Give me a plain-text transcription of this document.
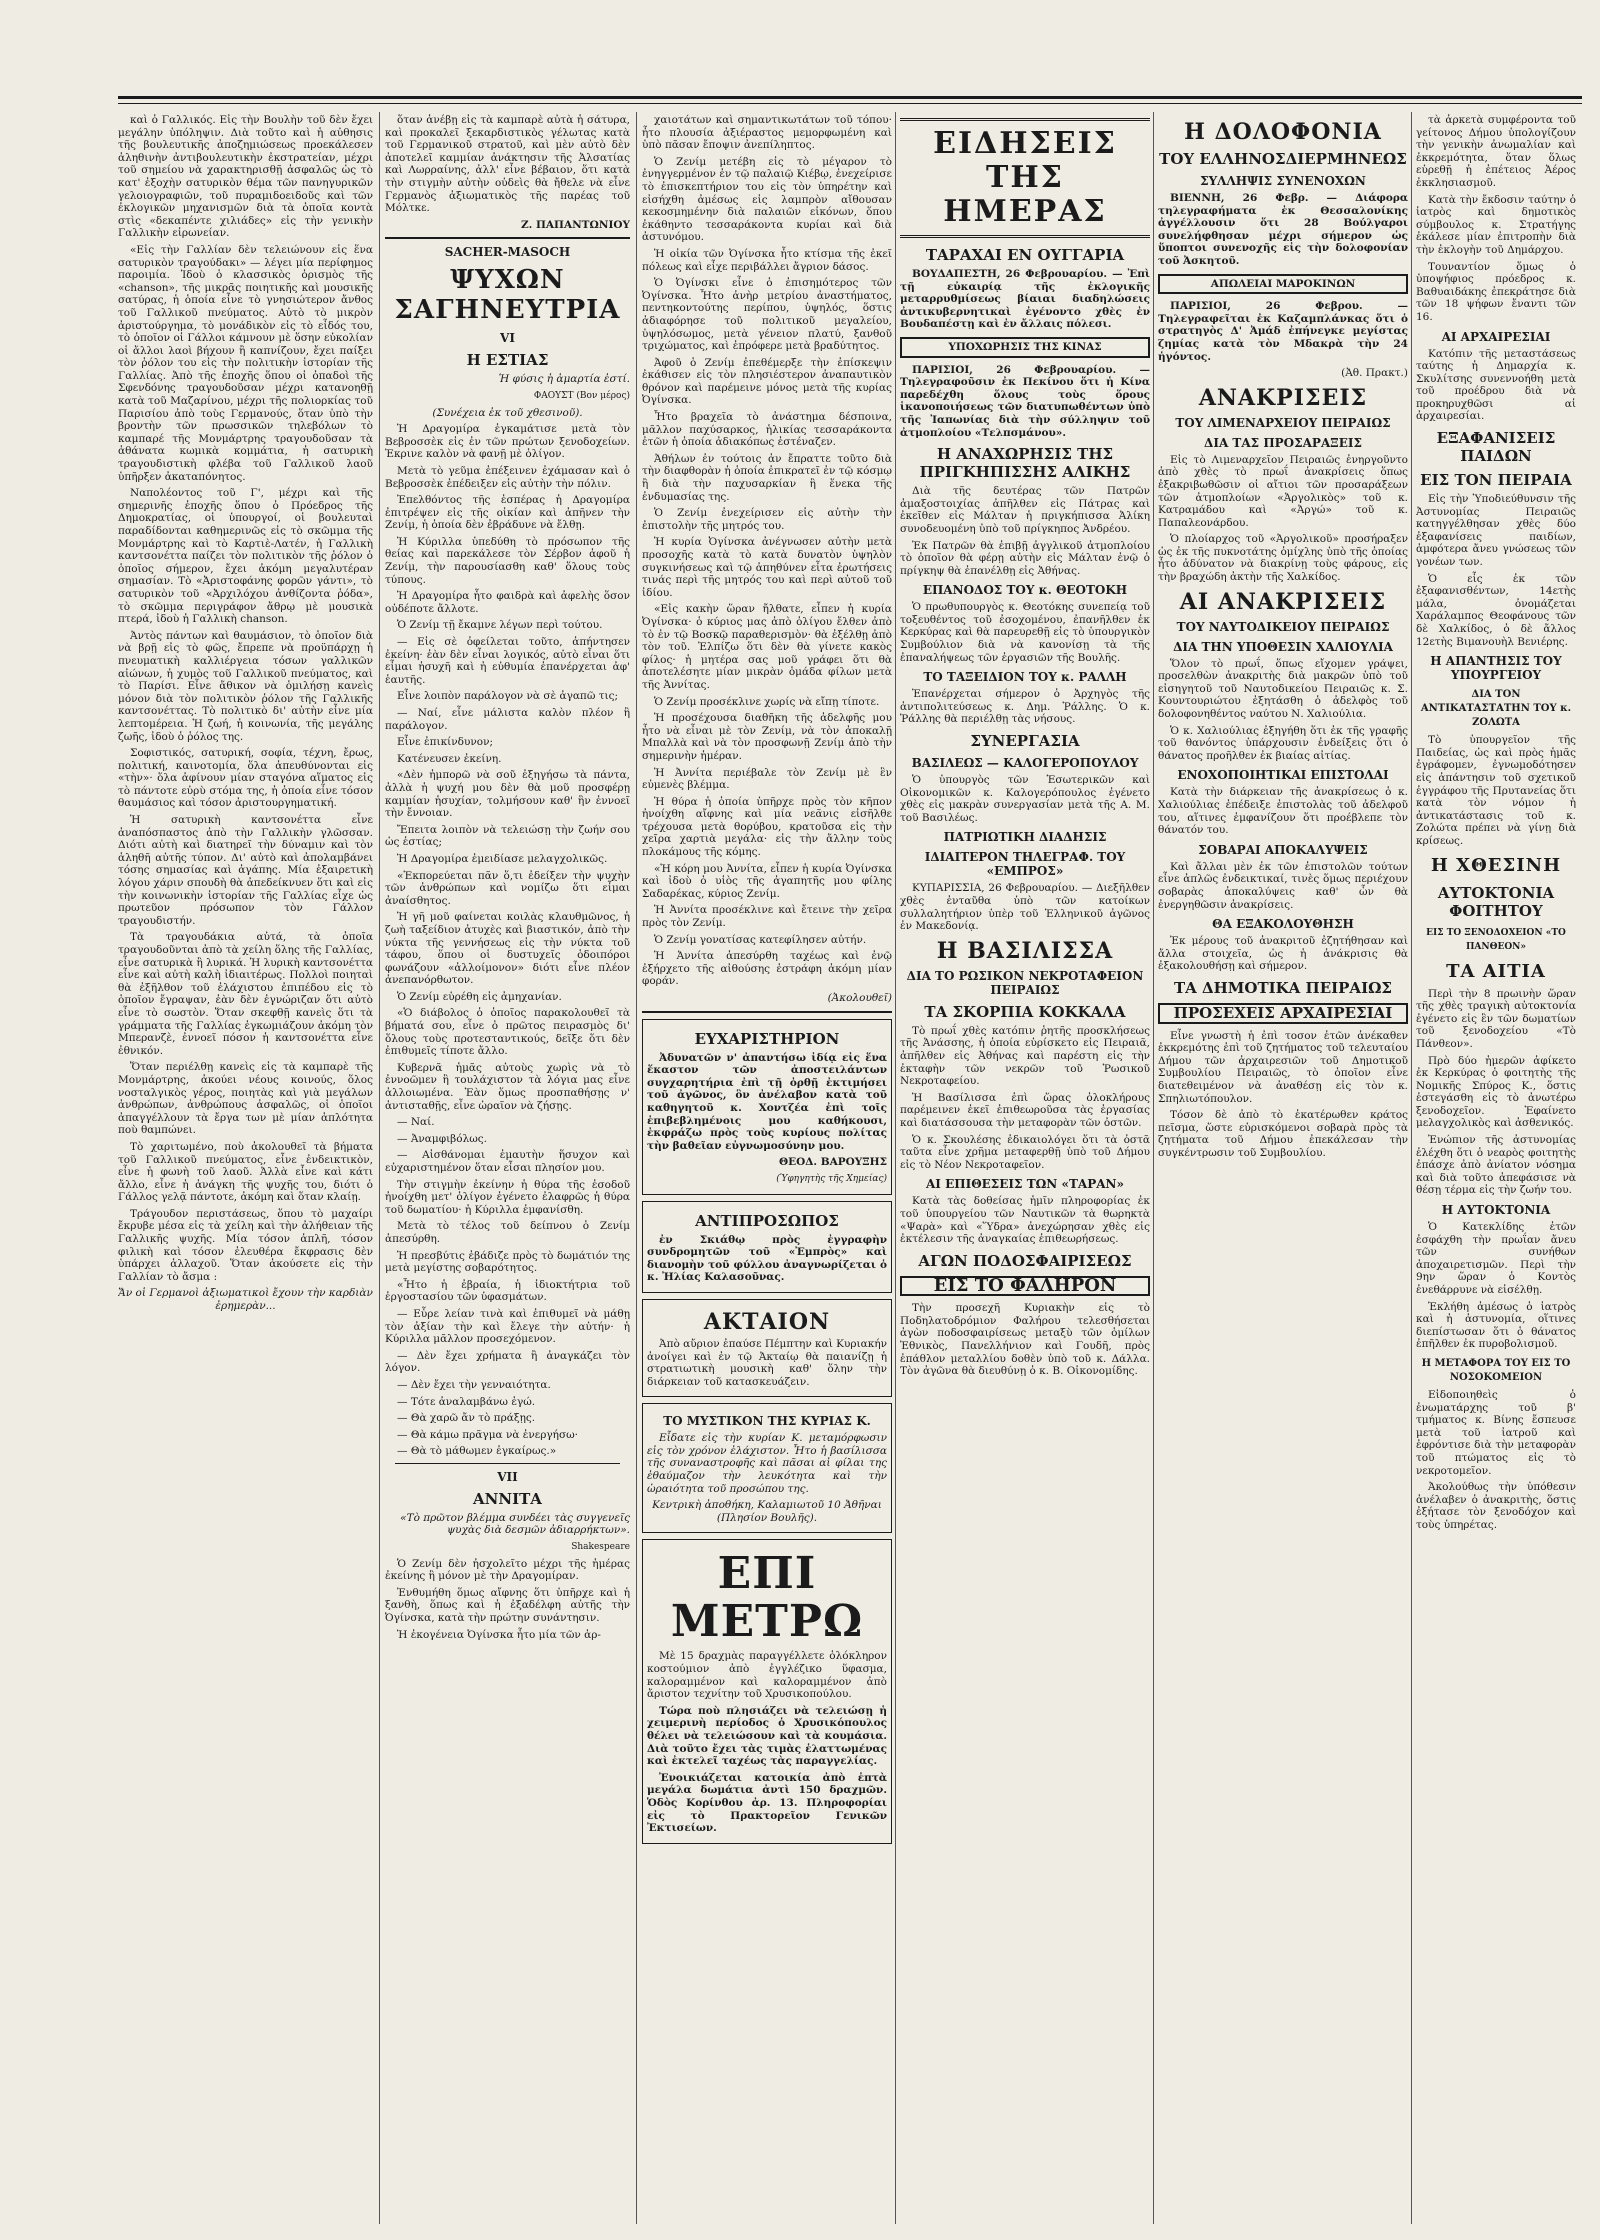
καὶ ὁ Γαλλικός. Εἰς τὴν Βουλὴν τοῦ δὲν ἔχει μεγάλην ὑπόληψιν. Διὰ τοῦτο καὶ ἡ αὐθησις τῆς βουλευτικῆς ἀποζημιώσεως προεκάλεσεν ἀληθινὴν ἀντιβουλευτικὴν ἐκστρατείαν, μέχρι τοῦ σημείου νὰ χαρακτηρισθῇ ἀσφαλῶς ὡς τὸ κατ' ἐξοχὴν σατυρικὸν θέμα τῶν πανηγυρικῶν γελοιογραφιῶν, τοῦ πυραμιδοειδοῦς καὶ τῶν ἐκλογικῶν μηχανισμῶν διὰ τὰ ὁποῖα κοντὰ στὶς «δεκαπέντε χιλιάδες» εἰς τὴν γενικὴν Γαλλικὴν εἰρωνείαν.

«Εἰς τὴν Γαλλίαν δὲν τελειώνουν εἰς ἕνα σατυρικὸν τραγούδακι» — λέγει μία περίφημος παροιμία. Ἰδοὺ ὁ κλασσικὸς ὁρισμὸς τῆς «chanson», τῆς μικρᾶς ποιητικῆς καὶ μουσικῆς σατύρας, ἡ ὁποία εἶνε τὸ γνησιώτερον ἄνθος τοῦ Γαλλικοῦ πνεύματος. Αὐτὸ τὸ μικρὸν ἀριστούργημα, τὸ μονάδικὸν εἰς τὸ εἶδός του, τὸ ὁποῖον οἱ Γάλλοι κάμνουν μὲ ὅσην εὐκολίαν οἱ ἄλλοι λαοὶ βήχουν ἢ καπνίζουν, ἔχει παίξει τὸν ῥόλον του εἰς τὴν πολιτικὴν ἱστορίαν τῆς Γαλλίας. Ἀπὸ τῆς ἐποχῆς ὅπου οἱ ὀπαδοὶ τῆς Σφενδόνης τραγουδοῦσαν μέχρι κατανοηθῇ κατὰ τοῦ Μαζαρίνου, μέχρι τῆς πολιορκίας τοῦ Παρισίου ἀπὸ τοὺς Γερμανούς, ὅταν ὑπὸ τὴν βροντὴν τῶν πρωσσικῶν τηλεβόλων τὸ καμπαρέ τῆς Μονμάρτρης τραγουδοῦσαν τὰ ἀθάνατα κωμικὰ κομμάτια, ἡ σατυρικὴ τραγουδιστικὴ φλέβα τοῦ Γαλλικοῦ λαοῦ ὑπῆρξεν ἀκαταπόνητος.

Ναπολέοντος τοῦ Γ', μέχρι καὶ τῆς σημερινῆς ἐποχῆς ὅπου ὁ Πρόεδρος τῆς Δημοκρατίας, οἱ ὑπουργοί, οἱ βουλευταὶ παραδίδονται καθημερινῶς εἰς τὸ σκῶμμα τῆς Μονμάρτρης καὶ τὸ Καρτιὲ-Λατέν, ἡ Γαλλικὴ καντσονέττα παίζει τὸν πολιτικὸν τῆς ῥόλον ὁ ὁποῖος σήμερον, ἔχει ἀκόμη μεγαλυτέραν σημασίαν. Τὸ «Ἀριστοφάνης φορῶν γάντι», τὸ σατυρικὸν τοῦ «Ἀρχιλόχου ἀνθίζοντα ῥόδα», τὸ σκῶμμα περιγράφον ἄθρῳ μὲ μουσικὰ πτερά, ἰδοὺ ἡ Γαλλικὴ chanson.

Ἀντὸς πάντων καὶ θαυμάσιον, τὸ ὁποῖον διὰ νὰ βρῇ εἰς τὸ φῶς, ἔπρεπε νὰ προϋπάρχῃ ἡ πνευματικὴ καλλιέργεια τόσων γαλλικῶν αἰώνων, ἡ χυμὸς τοῦ Γαλλικοῦ πνεύματος, καὶ τὸ Παρίσι. Εἶνε ἄθικον νὰ ὁμιλήσῃ κανεὶς μόνον διὰ τὸν πολιτικὸν ῥόλον τῆς Γαλλικῆς καντσονέττας. Τὸ πολιτικὸ δι' αὐτὴν εἶνε μία λεπτομέρεια. Ἡ ζωή, ἡ κοινωνία, τῆς μεγάλης ζωῆς, ἰδοὺ ὁ ῥόλος της.

Σοφιστικός, σατυρική, σοφία, τέχνη, ἔρως, πολιτική, καινοτομία, ὅλα ἀπευθύνονται εἰς «τὴν»· ὅλα ἀφίνουν μίαν σταγόνα αἵματος εἰς τὸ πάντοτε εὐρὺ στόμα της, ἡ ὁποία εἶνε τόσον θαυμάσιος καὶ τόσον ἀριστουργηματική.

Ἡ σατυρικὴ καντσονέττα εἶνε ἀναπόσπαστος ἀπὸ τὴν Γαλλικὴν γλῶσσαν. Διότι αὐτὴ καὶ διατηρεῖ τὴν δύναμιν καὶ τὸν ἀληθῆ αὐτῆς τύπον. Δι' αὐτὸ καὶ ἀπολαμβάνει τόσης σημασίας καὶ ἀγάπης. Μία ἐξαιρετικὴ λόγου χάριν σπουδὴ θὰ ἀπεδείκνυεν ὅτι καὶ εἰς τὴν κοινωνικὴν ἱστορίαν τῆς Γαλλίας εἶχε ὡς πρωτεῦον πρόσωπον τὸν Γάλλον τραγουδιστήν.

Τὰ τραγουδάκια αὐτά, τὰ ὁποῖα τραγουδοῦνται ἀπὸ τὰ χείλη ὅλης τῆς Γαλλίας, εἶνε σατυρικὰ ἢ λυρικά. Ἡ λυρικὴ καντσονέττα εἶνε καὶ αὐτὴ καλὴ ἰδιαιτέρως. Πολλοὶ ποιηταὶ θὰ ἐξῆλθον τοῦ ἐλάχιστου ἐπιπέδου εἰς τὸ ὁποῖον ἔγραψαν, ἐὰν δὲν ἐγνώριζαν ὅτι αὐτὸ εἶνε τὸ σωστὸν. Ὅταν σκεφθῇ κανεὶς ὅτι τὰ γράμματα τῆς Γαλλίας ἐγκωμιάζουν ἀκόμη τὸν Μπερανζὲ, ἐννοεῖ πόσον ἡ καντσονέττα εἶνε ἐθνικόν.

Ὅταν περιέλθῃ κανεὶς εἰς τὰ καμπαρὲ τῆς Μονμάρτρης, ἀκούει νέους κοινούς, ὅλος νοσταλγικὸς γέρος, ποιητὰς καὶ γιὰ μεγάλων ἀνθρώπων, ἀνθρώπους ἀσφαλῶς, οἱ ὁποῖοι ἀπαγγέλλουν τὰ ἔργα των μὲ μίαν ἁπλότητα ποὺ θαμπώνει.

Τὸ χαριτωμένο, ποὺ ἀκολουθεῖ τὰ βήματα τοῦ Γαλλικοῦ πνεύματος, εἶνε ἐνδεικτικὸν, εἶνε ἡ φωνὴ τοῦ λαοῦ. Ἀλλὰ εἶνε καὶ κάτι ἄλλο, εἶνε ἡ ἀνάγκη τῆς ψυχῆς του, διότι ὁ Γάλλος γελᾷ πάντοτε, ἀκόμη καὶ ὅταν κλαίῃ.

Τράγουδον περιστάσεως, ὅπου τὸ μαχαίρι ἔκρυβε μέσα εἰς τὰ χείλη καὶ τὴν ἀλήθειαν τῆς Γαλλικῆς ψυχῆς. Μία τόσον ἁπλῆ, τόσον φιλικὴ καὶ τόσον ἐλευθέρα ἔκφρασις δὲν ὑπάρχει ἀλλαχοῦ. Ὅταν ἀκούσετε εἰς τὴν Γαλλίαν τὸ ἄσμα :

Ἄν οἱ Γερμανοὶ ἀξιωματικοὶ ἔχουν τὴν καρδιὰν ἐρημερὰν...

ὅταν ἀνέβῃ εἰς τὰ καμπαρὲ αὐτὰ ἡ σάτυρα, καὶ προκαλεῖ ξεκαρδιστικὸς γέλωτας κατὰ τοῦ Γερμανικοῦ στρατοῦ, καὶ μὲν αὐτὸ δὲν ἀποτελεῖ καμμίαν ἀνάκτησιν τῆς Ἀλσατίας καὶ Λωρραίνης, ἀλλ' εἶνε βέβαιον, ὅτι κατὰ τὴν στιγμὴν αὐτὴν οὐδεὶς θὰ ἤθελε νὰ εἶνε Γερμανὸς ἀξιωματικὸς τῆς παρέας τοῦ Μόλτκε.

Ζ. ΠΑΠΑΝΤΩΝΙΟΥ

SACHER-MASOCH
ΨΥΧΩΝ ΣΑΓΗΝΕΥΤΡΙΑ
VI
Η ΕΣΤΙΑΣ

Ἡ φύσις ἡ ἁμαρτία ἐστί.

ΦΑΟΥΣΤ (Βον μέρος)

(Συνέχεια ἐκ τοῦ χθεσινοῦ).

Ἡ Δραγομίρα ἐγκαμάτισε μετὰ τὸν Βεβροσσὲκ εἰς ἐν τῶν πρώτων ξενοδοχείων. Ἐκρινε καλὸν νὰ φανῇ μὲ ὀλίγον.

Μετὰ τὸ γεῦμα ἐπέξεινεν ἐχάμασαν καὶ ὁ Βεβροσσὲκ ἐπέδειξεν εἰς αὐτὴν τὴν πόλιν.

Ἐπελθόντος τῆς ἑσπέρας ἡ Δραγομίρα ἐπιτρέψεν εἰς τῆς οἰκίαν καὶ ἀπῆνεν τὴν Ζενίμ, ἡ ὁποία δὲν ἐβράδυνε νὰ ἔλθῃ.

Ἡ Κύριλλα ὑπεδύθη τὸ πρόσωπον τῆς θείας καὶ παρεκάλεσε τὸν Σέρβον ἀφοῦ ἡ Ζενίμ, τὴν παρουσίασθη καθ' ὅλους τοὺς τύπους.

Ἡ Δραγομίρα ἧτο φαιδρὰ καὶ ἀφελὴς ὅσον οὐδέποτε ἄλλοτε.

Ὁ Ζενίμ τῇ ἔκαμνε λέγων περὶ τούτου.

— Εἰς σὲ ὀφείλεται τοῦτο, ἀπήντησεν ἐκείνη· ἐὰν δὲν εἶναι λογικός, αὐτὸ εἶναι ὅτι εἶμαι ἡσυχῆ καὶ ἡ εὐθυμία ἐπανέρχεται ἀφ' ἑαυτῆς.

Εἶνε λοιπὸν παράλογον νὰ σὲ ἀγαπῶ τις;

— Ναί, εἶνε μάλιστα καλὸν πλέον ἢ παράλογον.

Εἶνε ἐπικίνδυνον;

Κατένευσεν ἐκείνη.

«Δὲν ἠμπορῶ νὰ σοῦ ἐξηγήσω τὰ πάντα, ἀλλὰ ἡ ψυχή μου δὲν θὰ μοῦ προσφέρῃ καμμίαν ἡσυχίαν, τολμήσουν καθ' ἣν ἐννοεῖ τὴν ἔννοιαν.

Ἔπειτα λοιπὸν νὰ τελειώσῃ τὴν ζωήν σου ὡς ἐστίας;

Ἡ Δραγομίρα ἐμειδίασε μελαγχολικῶς.

«Ἐκπορεύεται πᾶν ὅ,τι ἐδείξεν τὴν ψυχὴν τῶν ἀνθρώπων καὶ νομίζω ὅτι εἶμαι ἀναίσθητος.

Ἡ γῆ μοῦ φαίνεται κοιλὰς κλαυθμῶνος, ἡ ζωὴ ταξείδιον ἀτυχὲς καὶ βιαστικόν, ἀπὸ τὴν νύκτα τῆς γεννήσεως εἰς τὴν νύκτα τοῦ τάφου, ὅπου οἱ δυστυχεῖς ὁδοιπόροι φωνάζουν «ἀλλοίμονον» διότι εἶνε πλέον ἀνεπανόρθωτον.

Ὁ Ζενίμ εὑρέθη εἰς ἀμηχανίαν.

«Ὁ διάβολος ὁ ὁποῖος παρακολουθεῖ τὰ βήματά σου, εἶνε ὁ πρῶτος πειρασμὸς δι' ὅλους τοὺς προτεσταντικούς, δεῖξε ὅτι δὲν ἐπιθυμεῖς τίποτε ἄλλο.

Κυβερνᾶ ἡμᾶς αὐτοὺς χωρὶς νὰ τὸ ἐννοῶμεν ἢ τουλάχιστον τὰ λόγια μας εἶνε ἀλλοιωμένα. Ἐὰν ὅμως προσπαθήσῃς ν' ἀντισταθῇς, εἶνε ὠραῖον νὰ ζήσῃς.

— Ναί.

— Ἀναμφιβόλως.

— Αἰσθάνομαι ἐμαυτὴν ἥσυχον καὶ εὐχαριστημένον ὅταν εἶσαι πλησίον μου.

Τὴν στιγμὴν ἐκείνην ἡ θύρα τῆς ἐσοδοῦ ἠνοίχθη μετ' ὀλίγον ἐγένετο ἐλαφρῶς ἡ θύρα τοῦ δωματίου· ἡ Κύριλλα ἐμφανίσθη.

Μετὰ τὸ τέλος τοῦ δείπνου ὁ Ζενίμ ἀπεσύρθη.

Ἡ πρεσβύτις ἐβάδιζε πρὸς τὸ δωμάτιόν της μετὰ μεγίστης σοβαρότητος.

«Ἦτο ἡ ἐβραία, ἡ ἰδιοκτήτρια τοῦ ἐργοστασίου τῶν ὑφασμάτων.

— Εὗρε λείαν τινὰ καὶ ἐπιθυμεῖ νὰ μάθῃ τὸν ἀξίαν τὴν καὶ ἔλεγε τὴν αὐτήν· ἡ Κύριλλα μᾶλλον προσεχόμενον.

— Δὲν ἔχει χρήματα ἢ ἀναγκάζει τὸν λόγον.

— Δὲν ἔχει τὴν γενναιότητα.

— Τότε ἀναλαμβάνω ἐγώ.

— Θὰ χαρῶ ἄν τὸ πράξῃς.

— Θὰ κάμω πρᾶγμα νὰ ἐνεργήσω·

— Θὰ τὸ μάθωμεν ἐγκαίρως.»

VII
ΑΝΝΙΤΑ

«Τὸ πρῶτον βλέμμα συνδέει τὰς συγγενεῖς ψυχὰς διὰ δεσμῶν ἀδιαρρήκτων».

Shakespeare

Ὁ Ζενίμ δὲν ἠσχολεῖτο μέχρι τῆς ἡμέρας ἐκείνης ἢ μόνον μὲ τὴν Δραγομίραν.

Ἐνθυμήθη ὅμως αἴφνης ὅτι ὑπῆρχε καὶ ἡ ξανθὴ, ὅπως καὶ ἡ ἐξαδέλφη αὐτῆς τὴν Ὀγίνσκα, κατὰ τὴν πρώτην συνάντησιν.

Ἡ ἐκογένεια Ὀγίνσκα ἧτο μία τῶν ἀρ-

χαιοτάτων καὶ σημαντικωτάτων τοῦ τόπου· ἦτο πλουσία ἀξιέραστος μεμορφωμένη καὶ ὑπὸ πᾶσαν ἔποψιν ἀνεπίληπτος.

Ὁ Ζενίμ μετέβη εἰς τὸ μέγαρον τὸ ἐνηγγερμένον ἐν τῷ παλαιῷ Κιέβῳ, ἐνεχείρισε τὸ ἐπισκεπτήριον του εἰς τὸν ὑπηρέτην καὶ εἰσήχθη ἀμέσως εἰς λαμπρὸν αἴθουσαν κεκοσμημένην διὰ παλαιῶν εἰκόνων, ὅπου ἐκάθηντο τεσσαράκοντα κυρίαι καὶ διὰ ἀστυνόμου.

Ἡ οἰκία τῶν Ὀγίνσκα ἦτο κτίσμα τῆς ἐκεῖ πόλεως καὶ εἶχε περιβάλλει ἄγριον δάσος.

Ὁ Ὀγίνσκι εἶνε ὁ ἐπισημότερος τῶν Ὀγίνσκα. Ἦτο ἀνὴρ μετρίου ἀναστήματος, πεντηκοντούτης περίπου, ὑψηλός, ὅστις ἀδιαφόρησε τοῦ πολιτικοῦ μεγαλείου, ὑψηλόσωμος, μετὰ γένειον πλατύ, ξανθοῦ τριχώματος, καὶ ἐπρόφερε μετὰ βραδύτητος.

Ἀφοῦ ὁ Ζενίμ ἐπεθέμερξε τὴν ἐπίσκεψιν ἐκάθισεν εἰς τὸν πλησιέστερον ἀναπαυτικὸν θρόνον καὶ παρέμεινε μόνος μετὰ τῆς κυρίας Ὀγίνσκα.

Ἦτο βραχεῖα τὸ ἀνάστημα δέσποινα, μᾶλλον παχύσαρκος, ἡλικίας τεσσαράκοντα ἐτῶν ἡ ὁποία ἀδιακόπως ἐστέναζεν.

Ἀθήλων ἐν τούτοις ἀν ἔπραττε τοῦτο διὰ τὴν διαφθορὰν ἡ ὁποία ἐπικρατεῖ ἐν τῷ κόσμῳ ἢ διὰ τὴν παχυσαρκίαν ἢ ἕνεκα τῆς ἐνδυμασίας της.

Ὁ Ζενίμ ἐνεχείρισεν εἰς αὐτὴν τὴν ἐπιστολὴν τῆς μητρός του.

Ἡ κυρία Ὀγίνσκα ἀνέγνωσεν αὐτὴν μετὰ προσοχῆς κατὰ τὸ κατὰ δυνατὸν ὑψηλὸν συγκινήσεως καὶ τῷ ἀπηθύνεν εἶτα ἐρωτήσεις τινάς περὶ τῆς μητρός του καὶ περὶ αὐτοῦ τοῦ ἰδίου.

«Εἰς κακὴν ὥραν ἤλθατε, εἶπεν ἡ κυρία Ὀγίνσκα· ὁ κύριος μας ἀπὸ ὀλίγου ἔλθεν ἀπὸ τὸ ἐν τῷ Βοσκῷ παραθερισμὸν· θὰ ἐξέλθῃ ἀπὸ τὸν τοῦ. Ἐλπίζω ὅτι δὲν θὰ γίνετε κακὸς φίλος· ἡ μητέρα σας μοῦ γράφει ὅτι θὰ ἀποτελέσητε μίαν μικρὰν ὁμάδα φίλων μετὰ τῆς Ἀννίτας.

Ὁ Ζενίμ προσέκλινε χωρίς νὰ εἴπῃ τίποτε.

Ἡ προσέχουσα διαθῆκη τῆς ἀδελφῆς μου ἦτο νὰ εἶναι μὲ τὸν Ζενίμ, νὰ τὸν ἀποκαλῇ Μπαλλὰ καὶ νὰ τὸν προσφωνῇ Ζενίμ ἀπὸ τὴν σημερινὴν ἡμέραν.

Ἡ Ἀννίτα περιέβαλε τὸν Ζενίμ μὲ ἓν εὐμενὲς βλέμμα.

Ἡ θύρα ἡ ὁποία ὑπῆρχε πρὸς τὸν κῆπον ἠνοίχθη αἴφνης καὶ μία νεᾶνις εἰσῆλθε τρέχουσα μετὰ θορύβου, κρατοῦσα εἰς τὴν χεῖρα χαρτιὰ μεγάλα· εἰς τὴν ἄλλην τοὺς πλοκάμους τῆς κόμης.

«Ἡ κόρη μου Ἀννίτα, εἶπεν ἡ κυρία Ὀγίνσκα καὶ ἰδοὺ ὁ υἱὸς τῆς ἀγαπητῆς μου φίλης Σαδαρέκας, κύριος Ζενίμ.

Ἡ Ἀννίτα προσέκλινε καὶ ἔτεινε τὴν χεῖρα πρὸς τὸν Ζενίμ.

Ὁ Ζενίμ γονατίσας κατεφίλησεν αὐτήν.

Ἡ Ἀννίτα ἀπεσύρθη ταχέως καὶ ἐνῷ ἐξήρχετο τῆς αἰθούσης ἐστράφη ἀκόμη μίαν φοράν.

(Ἀκολουθεῖ)

ΕΥΧΑΡΙΣΤΗΡΙΟΝ

Ἀδυνατῶν ν' ἀπαντήσω ἰδίᾳ εἰς ἕνα ἕκαστον τῶν ἀποστειλάντων συγχαρητήρια ἐπὶ τῇ ὀρθῇ ἐκτιμήσει τοῦ ἀγῶνος, ὃν ἀνέλαβον κατὰ τοῦ καθηγητοῦ κ. Χοντζέα ἐπὶ τοῖς ἐπιβεβλημένοις μου καθήκουσι, ἐκφράζω πρὸς τοὺς κυρίους πολίτας τὴν βαθεῖαν εὐγνωμοσύνην μου.

ΘΕΟΔ. ΒΑΡΟΥΞΗΣ

(Ὑφηγητὴς τῆς Χημείας)

ΑΝΤΙΠΡΟΣΩΠΟΣ

ἐν Σκιάθῳ πρὸς ἐγγραφὴν συνδρομητῶν τοῦ «Ἐμπρὸς» καὶ διανομὴν τοῦ φύλλου ἀναγνωρίζεται ὁ κ. Ἠλίας Καλασοῦνας.

ΑΚΤΑΙΟΝ

Ἀπὸ αὔριον ἐπαύσε Πέμπτην καὶ Κυριακήν ἀνοίγει καὶ ἐν τῷ Ἀκταίῳ θὰ παιανίζῃ ἡ στρατιωτικὴ μουσικὴ καθ' ὅλην τὴν διάρκειαν τοῦ κατασκευάζειν.

ΤΟ ΜΥΣΤΙΚΟΝ ΤΗΣ ΚΥΡΙΑΣ Κ.

Εἶδατε εἰς τὴν κυρίαν Κ. μεταμόρφωσιν εἰς τὸν χρόνον ἐλάχιστον. Ἦτο ἡ βασίλισσα τῆς συναναστροφῆς καὶ πᾶσαι αἱ φίλαι της ἐθαύμαζον τὴν λευκότητα καὶ τὴν ὡραιότητα τοῦ προσώπου της.

Κεντρικὴ ἀποθήκη, Καλαμιωτοῦ 10 Ἀθῆναι (Πλησίον Βουλῆς).

ΕΠΙ ΜΕΤΡΩ

Μὲ 15 δραχμὰς παραγγέλλετε ὁλόκληρον κοστούμιον ἀπὸ ἐγγλέζικο ὕφασμα, καλοραμμένον καὶ καλοραμμένον ἀπὸ ἄριστον τεχνίτην τοῦ Χρυσικοπούλου.

Τώρα ποὺ πλησιάζει νὰ τελειώσῃ ἡ χειμερινὴ περίοδος ὁ Χρυσικόπουλος θέλει νὰ τελειώσουν καὶ τὰ κουμάσια. Διὰ τοῦτο ἔχει τὰς τιμὰς ἑλαττωμένας καὶ ἐκτελεῖ ταχέως τὰς παραγγελίας.

Ἐνοικιάζεται κατοικία ἀπὸ ἐπτὰ μεγάλα δωμάτια ἀντὶ 150 δραχμῶν. Ὁδὸς Κορίνθου ἀρ. 13. Πληροφορίαι εἰς τὸ Πρακτορεῖον Γενικῶν Ἐκτισείων.

ΕΙΔΗΣΕΙΣ ΤΗΣ ΗΜΕΡΑΣ
ΤΑΡΑΧΑΙ ΕΝ ΟΥΓΓΑΡΙΑ

ΒΟΥΔΑΠΕΣΤΗ, 26 Φεβρουαρίου. — Ἐπὶ τῇ εὐκαιρίᾳ τῆς ἐκλογικῆς μεταρρυθμίσεως βίαιαι διαδηλώσεις ἀντικυβερνητικαὶ ἐγένοντο χθὲς ἐν Βουδαπέστῃ καὶ ἐν ἄλλαις πόλεσι.

ΥΠΟΧΩΡΗΣΙΣ ΤΗΣ ΚΙΝΑΣ

ΠΑΡΙΣΙΟΙ, 26 Φεβρουαρίου. — Τηλεγραφοῦσιν ἐκ Πεκίνου ὅτι ἡ Κίνα παρεδέχθη ὅλους τοὺς ὅρους ἱκανοποιήσεως τῶν διατυπωθέντων ὑπὸ τῆς Ἰαπωνίας διὰ τὴν σύλληψιν τοῦ ἀτμοπλοίου «Τελπσμάνου».

Η ΑΝΑΧΩΡΗΣΙΣ ΤΗΣ ΠΡΙΓΚΗΠΙΣΣΗΣ ΑΛΙΚΗΣ

Διὰ τῆς δευτέρας τῶν Πατρῶν ἀμαξοστοιχίας ἀπῆλθεν εἰς Πάτρας καὶ ἐκεῖθεν εἰς Μάλταν ἡ πριγκήπισσα Ἀλίκη συνοδευομένη ὑπὸ τοῦ πρίγκηπος Ἀνδρέου.

Ἐκ Πατρῶν θὰ ἐπιβῇ ἀγγλικοῦ ἀτμοπλοίου τὸ ὁποῖον θὰ φέρῃ αὐτὴν εἰς Μάλταν ἐνῷ ὁ πρίγκηψ θὰ ἐπανέλθῃ εἰς Ἀθήνας.

ΕΠΑΝΟΔΟΣ ΤΟΥ κ. ΘΕΟΤΟΚΗ

Ὁ πρωθυπουργὸς κ. Θεοτόκης συνεπείᾳ τοῦ τοξευθέντος τοῦ ἐσοχομένου, ἐπανῆλθεν ἐκ Κερκύρας καὶ θὰ παρευρεθῇ εἰς τὸ ὑπουργικὸν Συμβούλιον διὰ νὰ κανονίσῃ τὰ τῆς ἐπαναλήψεως τῶν ἐργασιῶν τῆς Βουλῆς.

ΤΟ ΤΑΞΕΙΔΙΟΝ ΤΟΥ κ. ΡΑΛΛΗ

Ἐπανέρχεται σήμερον ὁ Ἀρχηγὸς τῆς ἀντιπολιτεύσεως κ. Δημ. Ῥάλλης. Ὁ κ. Ῥάλλης θὰ περιέλθῃ τὰς νήσους.

ΣΥΝΕΡΓΑΣΙΑ
ΒΑΣΙΛΕΩΣ — ΚΑΛΟΓΕΡΟΠΟΥΛΟΥ

Ὁ ὑπουργὸς τῶν Ἐσωτερικῶν καὶ Οἰκονομικῶν κ. Καλογερόπουλος ἐγένετο χθὲς εἰς μακρὰν συνεργασίαν μετὰ τῆς Α. Μ. τοῦ Βασιλέως.

ΠΑΤΡΙΩΤΙΚΗ ΔΙΑΔΗΣΙΣ
ΙΔΙΑΙΤΕΡΟΝ ΤΗΛΕΓΡΑΦ. ΤΟΥ «ΕΜΠΡΟΣ»

ΚΥΠΑΡΙΣΣΙΑ, 26 Φεβρουαρίου. — Διεξῆλθεν χθὲς ἐνταῦθα ὑπὸ τῶν κατοίκων συλλαλητήριον ὑπὲρ τοῦ Ἑλληνικοῦ ἀγῶνος ἐν Μακεδονίᾳ.

Η ΒΑΣΙΛΙΣΣΑ
ΔΙΑ ΤΟ ΡΩΣΙΚΟΝ ΝΕΚΡΟΤΑΦΕΙΟΝ ΠΕΙΡΑΙΩΣ
ΤΑ ΣΚΟΡΠΙΑ ΚΟΚΚΑΛΑ

Τὸ πρωΐ χθὲς κατόπιν ῥητῆς προσκλήσεως τῆς Ἀνάσσης, ἡ ὁποία εὑρίσκετο εἰς Πειραιᾶ, ἀπῆλθεν εἰς Ἀθήνας καὶ παρέστη εἰς τὴν ἐκταφὴν τῶν νεκρῶν τοῦ Ῥωσικοῦ Νεκροταφείου.

Ἡ Βασίλισσα ἐπὶ ὥρας ὁλοκλήρους παρέμεινεν ἐκεῖ ἐπιθεωροῦσα τὰς ἐργασίας καὶ διατάσσουσα τὴν μεταφορὰν τῶν ὀστῶν.

Ὁ κ. Σκουλέσης ἐδικαιολόγει ὅτι τὰ ὀστᾶ ταῦτα εἶνε χρῆμα μεταφερθῇ ὑπὸ τοῦ Δήμου εἰς τὸ Νέον Νεκροταφεῖον.

ΑΙ ΕΠΙΘΕΣΕΙΣ ΤΩΝ «ΤΑΡΑΝ»

Κατὰ τὰς δοθείσας ἡμῖν πληροφορίας ἐκ τοῦ ὑπουργείου τῶν Ναυτικῶν τὰ θωρηκτὰ «Ψαρὰ» καὶ «Ὕδρα» ἀνεχώρησαν χθὲς εἰς ἐκτέλεσιν τῆς ἀναγκαίας ἐπιθεωρήσεως.

ΑΓΩΝ ΠΟΔΟΣΦΑΙΡΙΣΕΩΣ
ΕΙΣ ΤΟ ΦΑΛΗΡΟΝ

Τὴν προσεχῆ Κυριακὴν εἰς τὸ Ποδηλατοδρόμιον Φαλήρου τελεσθήσεται ἀγὼν ποδοσφαιρίσεως μεταξὺ τῶν ὁμίλων Ἐθνικὸς, Πανελλήνιον καὶ Γουδῆ, πρὸς ἐπάθλον μεταλλίου δοθὲν ὑπὸ τοῦ κ. Δάλλα. Τὸν ἀγῶνα θὰ διευθύνῃ ὁ κ. Β. Οἰκονομίδης.

Η ΔΟΛΟΦΟΝΙΑ
ΤΟΥ ΕΛΛΗΝΟΣΔΙΕΡΜΗΝΕΩΣ
ΣΥΛΛΗΨΙΣ ΣΥΝΕΝΟΧΩΝ

ΒΙΕΝΝΗ, 26 Φεβρ. — Διάφορα τηλεγραφήματα ἐκ Θεσσαλονίκης ἀγγέλλουσιν ὅτι 28 Βούλγαροι συνελήφθησαν μέχρι σήμερον ὡς ὕποπτοι συνενοχῆς εἰς τὴν δολοφονίαν τοῦ Ἀσκητοῦ.

ΑΠΩΛΕΙΑΙ ΜΑΡΟΚΙΝΩΝ

ΠΑΡΙΣΙΟΙ, 26 Φεβρου. — Τηλεγραφεῖται ἐκ Καζαμπλάνκας ὅτι ὁ στρατηγὸς Δ' Ἀμάδ ἐπήνεγκε μεγίστας ζημίας κατὰ τὸν Μδακρὰ τὴν 24 ἡγόντος.

(Ἀθ. Πρακτ.)

ΑΝΑΚΡΙΣΕΙΣ
ΤΟΥ ΛΙΜΕΝΑΡΧΕΙΟΥ ΠΕΙΡΑΙΩΣ
ΔΙΑ ΤΑΣ ΠΡΟΣΑΡΑΞΕΙΣ

Εἰς τὸ Λιμεναρχεῖον Πειραιῶς ἐνηργοῦντο ἀπὸ χθὲς τὸ πρωΐ ἀνακρίσεις ὅπως ἐξακριβωθῶσιν οἱ αἴτιοι τῶν προσαράξεων τῶν ἀτμοπλοίων «Ἀργολικὸς» τοῦ κ. Κατραμάδου καὶ «Ἀργώ» τοῦ κ. Παπαλεονάρδου.

Ὁ πλοίαρχος τοῦ «Ἀργολικοῦ» προσήραξεν ὡς ἐκ τῆς πυκνοτάτης ὁμίχλης ὑπὸ τῆς ὁποίας ἦτο ἀδύνατον νὰ διακρίνῃ τοὺς φάρους, εἰς τὴν βραχώδη ἀκτὴν τῆς Χαλκίδος.

ΑΙ ΑΝΑΚΡΙΣΕΙΣ
ΤΟΥ ΝΑΥΤΟΔΙΚΕΙΟΥ ΠΕΙΡΑΙΩΣ
ΔΙΑ ΤΗΝ ΥΠΟΘΕΣΙΝ ΧΑΛΙΟΥΛΙΑ

Ὅλον τὸ πρωΐ, ὅπως εἴχομεν γράψει, προσελθὼν ἀνακριτὴς διὰ μακρῶν ὑπὸ τοῦ εἰσηγητοῦ τοῦ Ναυτοδικείου Πειραιῶς κ. Σ. Κουντουριώτου ἐξητάσθη ὁ ἀδελφὸς τοῦ δολοφονηθέντος ναύτου Ν. Χαλιούλια.

Ὁ κ. Χαλιούλιας ἐξηγήθη ὅτι ἐκ τῆς γραφῆς τοῦ θανόντος ὑπάρχουσιν ἐνδείξεις ὅτι ὁ θάνατος προῆλθεν ἐκ βιαίας αἰτίας.

ΕΝΟΧΟΠΟΙΗΤΙΚΑΙ ΕΠΙΣΤΟΛΑΙ

Κατὰ τὴν διάρκειαν τῆς ἀνακρίσεως ὁ κ. Χαλιούλιας ἐπέδειξε ἐπιστολὰς τοῦ ἀδελφοῦ του, αἵτινες ἐμφανίζουν ὅτι προέβλεπε τὸν θάνατόν του.

ΣΟΒΑΡΑΙ ΑΠΟΚΑΛΥΨΕΙΣ

Καὶ ἄλλαι μὲν ἐκ τῶν ἐπιστολῶν τούτων εἶνε ἀπλῶς ἐνδεικτικαί, τινὲς ὅμως περιέχουν σοβαρὰς ἀποκαλύψεις καθ' ὧν θὰ ἐνεργηθῶσιν ἀνακρίσεις.

ΘΑ ΕΞΑΚΟΛΟΥΘΗΣΗ

Ἐκ μέρους τοῦ ἀνακριτοῦ ἐζητήθησαν καὶ ἄλλα στοιχεῖα, ὡς ἡ ἀνάκρισις θὰ ἐξακολουθήσῃ καὶ σήμερον.

ΤΑ ΔΗΜΟΤΙΚΑ ΠΕΙΡΑΙΩΣ
ΠΡΟΣΕΧΕΙΣ ΑΡΧΑΙΡΕΣΙΑΙ

Εἶνε γνωστὴ ἡ ἐπὶ τοσον ἐτῶν ἀνέκαθεν ἐκκρεμότης ἐπὶ τοῦ ζητήματος τοῦ τελευταίου Δήμου τῶν ἀρχαιρεσιῶν τοῦ Δημοτικοῦ Συμβουλίου Πειραιῶς, τὸ ὁποῖον εἶνε διατεθειμένον νὰ ἀναθέσῃ εἰς τὸν κ. Σπηλιωτόπουλον.

Τόσον δὲ ἀπὸ τὸ ἑκατέρωθεν κράτος πεῖσμα, ὥστε εὑρισκόμενοι σοβαρὰ πρὸς τὰ ζητήματα τοῦ Δήμου ἐπεκάλεσαν τὴν συγκέντρωσιν τοῦ Συμβουλίου.

τὰ ἀρκετὰ συμφέροντα τοῦ γείτονος Δήμου ὑπολογίζουν τὴν γενικὴν ἀνωμαλίαν καὶ ἐκκρεμότητα, ὅταν ὅλως εὑρεθῇ ἡ ἐπέτειος Ἀέρος ἐκκλησιασμοῦ.

Κατὰ τὴν ἔκδοσιν ταύτην ὁ ἰατρὸς καὶ δημοτικὸς σύμβουλος κ. Στρατήγης ἐκάλεσε μίαν ἐπιτροπὴν διὰ τὴν ἐκλογὴν τοῦ Δημάρχου.

Τουναντίον ὅμως ὁ ὑποψήφιος πρόεδρος κ. Βαθυαιδάκης ἐπεκράτησε διὰ τῶν 18 ψήφων ἔναντι τῶν 16.

ΑΙ ΑΡΧΑΙΡΕΣΙΑΙ

Κατόπιν τῆς μεταστάσεως ταύτης ἡ Δημαρχία κ. Σκυλίτσης συνεννοήθη μετὰ τοῦ προέδρου διὰ νὰ προκηρυχθῶσι αἱ ἀρχαιρεσίαι.

ΕΞΑΦΑΝΙΣΕΙΣ ΠΑΙΔΩΝ
ΕΙΣ ΤΟΝ ΠΕΙΡΑΙΑ

Εἰς τὴν Ὑποδιεύθυνσιν τῆς Ἀστυνομίας Πειραιῶς κατηγγέλθησαν χθὲς δύο ἐξαφανίσεις παιδίων, ἀμφότερα ἄνευ γνώσεως τῶν γονέων των.

Ὁ εἷς ἐκ τῶν ἐξαφανισθέντων, 14ετὴς μάλα, ὀνομάζεται Χαράλαμπος Θεοφάνους τῶν δὲ Χαλκίδος, ὁ δὲ ἄλλος 12ετὴς Βιμανουὴλ Βενιέρης.

Η ΑΠΑΝΤΗΣΙΣ ΤΟΥ ΥΠΟΥΡΓΕΙΟΥ
ΔΙΑ ΤΟΝ ΑΝΤΙΚΑΤΑΣΤΑΤΗΝ ΤΟΥ κ. ΖΟΛΩΤΑ

Τὸ ὑπουργεῖον τῆς Παιδείας, ὡς καὶ πρὸς ἡμᾶς ἐγράφομεν, ἐγνωμοδότησεν εἰς ἀπάντησιν τοῦ σχετικοῦ ἐγγράφου τῆς Πρυτανείας ὅτι κατὰ τὸν νόμον ἡ ἀντικατάστασις τοῦ κ. Ζολώτα πρέπει νὰ γίνῃ διὰ κρίσεως.

Η ΧΘΕΣΙΝΗ
ΑΥΤΟΚΤΟΝΙΑ ΦΟΙΤΗΤΟΥ
ΕΙΣ ΤΟ ΞΕΝΟΔΟΧΕΙΟΝ «ΤΟ ΠΑΝΘΕΟΝ»
ΤΑ ΑΙΤΙΑ

Περὶ τὴν 8 πρωινὴν ὥραν τῆς χθὲς τραγικὴ αὐτοκτονία ἐγένετο εἰς ἓν τῶν δωματίων τοῦ ξενοδοχείου «Τὸ Πάνθεον».

Πρὸ δύο ἡμερῶν ἀφίκετο ἐκ Κερκύρας ὁ φοιτητὴς τῆς Νομικῆς Σπύρος Κ., ὅστις ἐστεγάσθη εἰς τὸ ἀνωτέρω ξενοδοχεῖον. Ἐφαίνετο μελαγχολικὸς καὶ ἀσθενικός.

Ἐνώπιον τῆς ἀστυνομίας ἐλέχθη ὅτι ὁ νεαρὸς φοιτητὴς ἐπάσχε ἀπὸ ἀνίατον νόσημα καὶ διὰ τοῦτο ἀπεφάσισε νὰ θέσῃ τέρμα εἰς τὴν ζωήν του.

Η ΑΥΤΟΚΤΟΝΙΑ

Ὁ Κατεκλίδης ἐτῶν ἐσφάχθη τὴν πρωΐαν ἄνευ τῶν συνήθων ἀποχαιρετισμῶν. Περὶ τὴν 9ην ὥραν ὁ Κοντὸς ἐνεθάρρυνε νὰ εἰσέλθῃ.

Ἐκλήθη ἀμέσως ὁ ἰατρὸς καὶ ἡ ἀστυνομία, οἵτινες διεπίστωσαν ὅτι ὁ θάνατος ἐπῆλθεν ἐκ πυροβολισμοῦ.

Η ΜΕΤΑΦΟΡΑ ΤΟΥ ΕΙΣ ΤΟ ΝΟΣΟΚΟΜΕΙΟΝ

Εἰδοποιηθεὶς ὁ ἐνωματάρχης τοῦ β' τμήματος κ. Βίνης ἔσπευσε μετὰ τοῦ ἰατροῦ καὶ ἐφρόντισε διὰ τὴν μεταφορὰν τοῦ πτώματος εἰς τὸ νεκροτομεῖον.

Ἀκολούθως τὴν ὑπόθεσιν ἀνέλαβεν ὁ ἀνακριτὴς, ὅστις ἐξήτασε τὸν ξενοδόχον καὶ τοὺς ὑπηρέτας.
